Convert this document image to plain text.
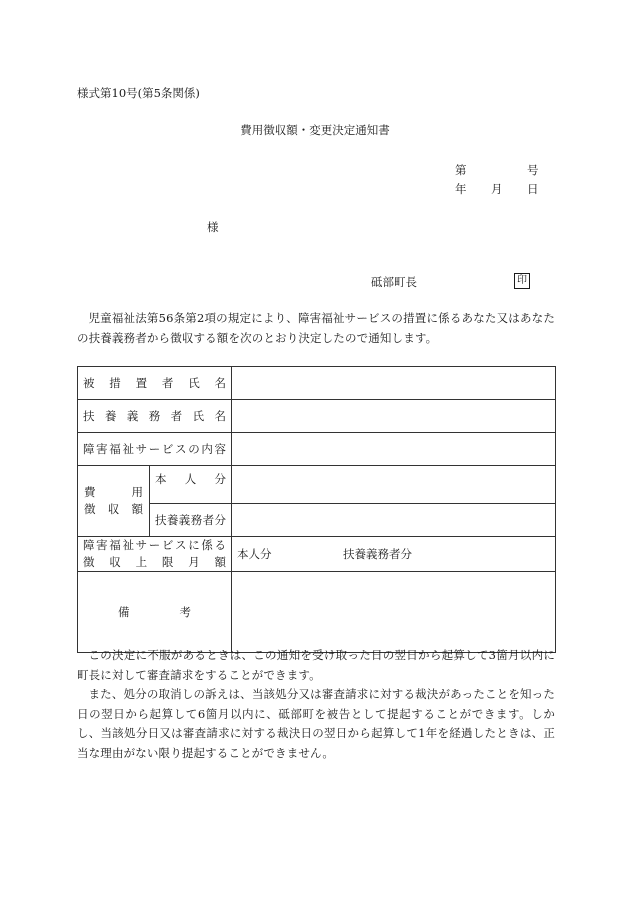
様式第10号(第5条関係)
費用徴収額・変更決定通知書
第	号
年 月 日
様
砥部町長	印
児童福祉法第56条第2項の規定により、障害福祉サービスの措置に係るあなた又はあなたの扶養義務者から徴収する額を次のとおり決定したので通知します。
被措置者氏名		
扶養義務者氏名		
障害福祉サービスの内容		

費用
徴収額	本人分	
	扶養義務者分	

障害福祉サービスに係る
徴収上限月額		本人分 扶養義務者分

備考		

この決定に不服があるときは、この通知を受け取った日の翌日から起算して3箇月以内に町長に対して審査請求をすることができます。
また、処分の取消しの訴えは、当該処分又は審査請求に対する裁決があったことを知った日の翌日から起算して6箇月以内に、砥部町を被告として提起することができます。しかし、当該処分日又は審査請求に対する裁決日の翌日から起算して1年を経過したときは、正当な理由がない限り提起することができません。
